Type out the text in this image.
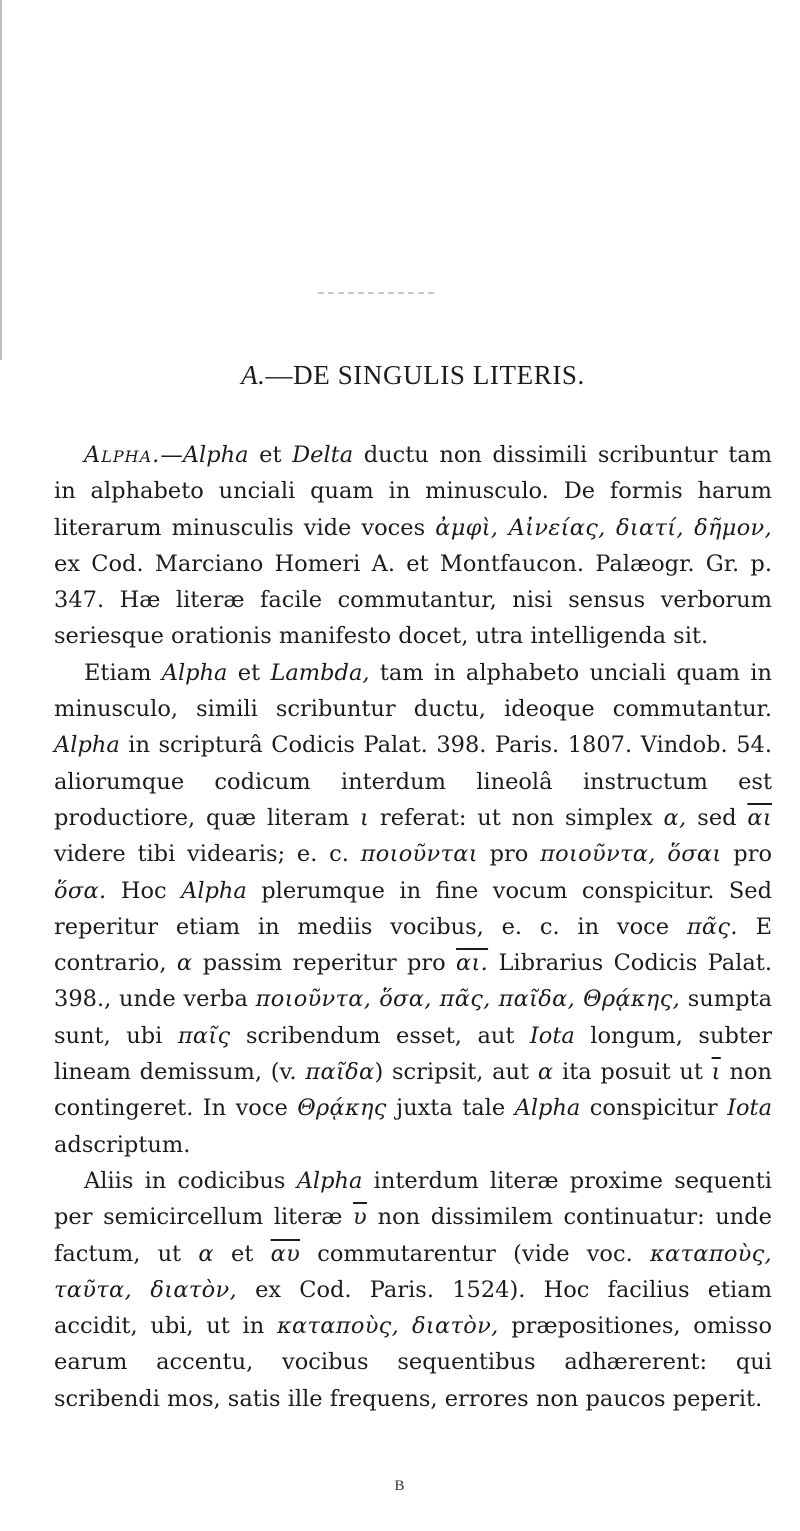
A.—DE SINGULIS LITERIS.

Alpha.—Alpha et Delta ductu non dissimili scribuntur tam in alphabeto unciali quam in minusculo. De formis harum literarum minusculis vide voces ἀμφὶ, Αἰνείας, διατί, δῆμον, ex Cod. Marciano Homeri A. et Montfaucon. Palæogr. Gr. p. 347. Hæ literæ facile commutantur, nisi sensus verborum seriesque orationis manifesto docet, utra intelligenda sit.

Etiam Alpha et Lambda, tam in alphabeto unciali quam in minusculo, simili scribuntur ductu, ideoque commutantur. Alpha in scripturâ Codicis Palat. 398. Paris. 1807. Vindob. 54. aliorumque codicum interdum lineolâ instructum est productiore, quæ literam ι referat: ut non simplex α, sed $\overline{\alpha\iota}$ videre tibi videaris; e. c. ποιοῦνται pro ποιοῦντα, ὅσαι pro ὅσα. Hoc Alpha plerumque in fine vocum conspicitur. Sed reperitur etiam in mediis vocibus, e. c. in voce πᾶς. E contrario, α passim reperitur pro αι. Librarius Codicis Palat. 398., unde verba ποιοῦντα, ὅσα, πᾶς, παῖδα, Θρᾴκης, sumpta sunt, ubi παῖς scribendum esset, aut Iota longum, subter lineam demissum, (v. παῖδα) scripsit, aut α ita posuit ut $\overline{\iota}$ non contingeret. In voce Θρᾴκης juxta tale Alpha conspicitur Iota adscriptum.

Aliis in codicibus Alpha interdum literæ proxime sequenti per semicircellum literæ $\overline{\upsilon}$ non dissimilem continuatur: unde factum, ut α et $\overline{\alpha\upsilon}$ commutarentur (vide voc. καταποὺς, ταῦτα, διατὸν, ex Cod. Paris. 1524). Hoc facilius etiam accidit, ubi, ut in καταποὺς, διατὸν, præpositiones, omisso earum accentu, vocibus sequentibus adhærerent: qui scribendi mos, satis ille frequens, errores non paucos peperit.

B
